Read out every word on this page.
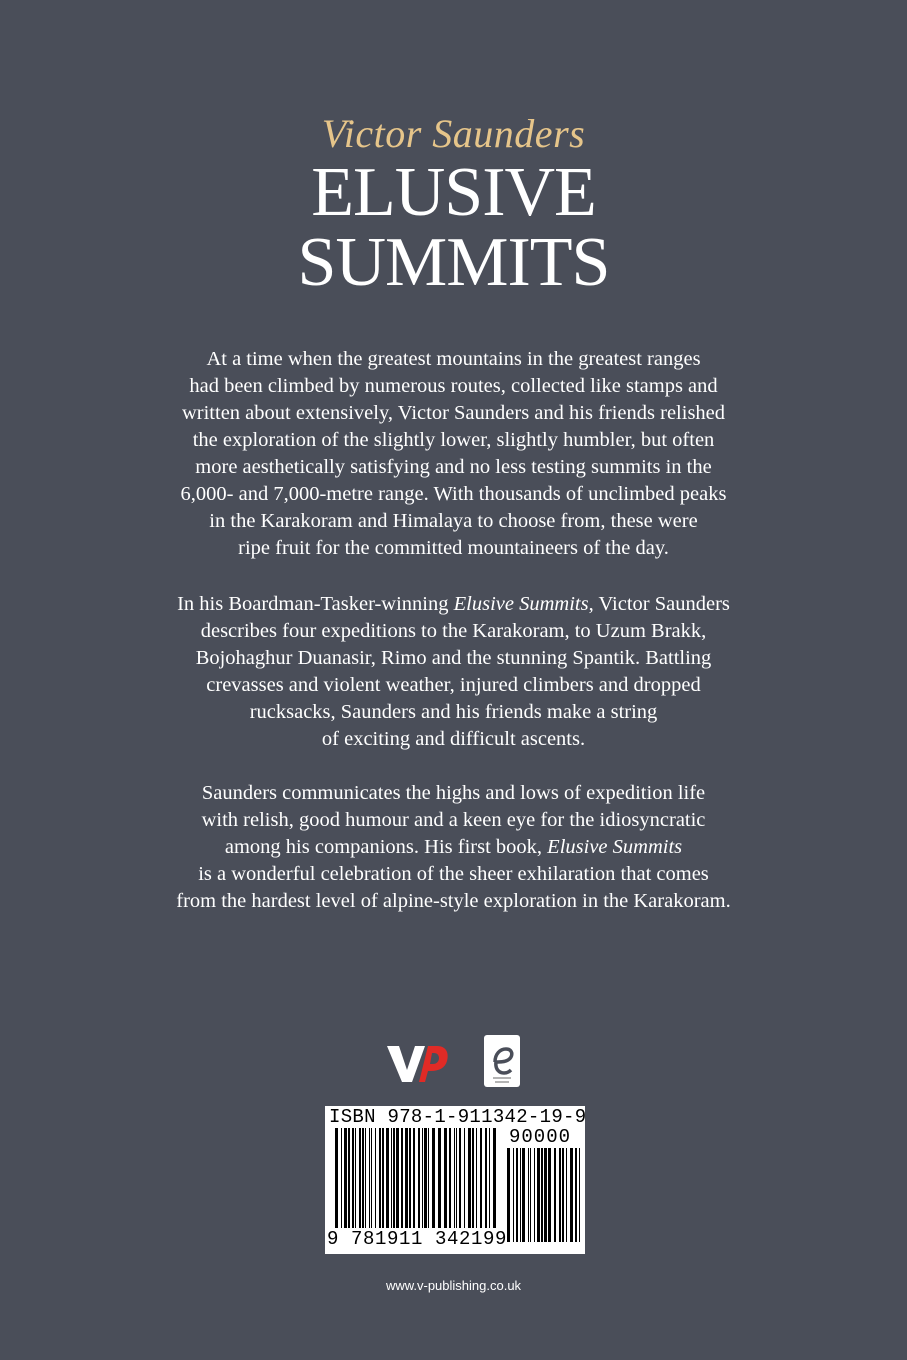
Victor Saunders
ELUSIVE
SUMMITS
At a time when the greatest mountains in the greatest ranges
had been climbed by numerous routes, collected like stamps and
written about extensively, Victor Saunders and his friends relished
the exploration of the slightly lower, slightly humbler, but often
more aesthetically satisfying and no less testing summits in the
6,000- and 7,000-metre range. With thousands of unclimbed peaks
in the Karakoram and Himalaya to choose from, these were
ripe fruit for the committed mountaineers of the day.
In his Boardman-Tasker-winning Elusive Summits, Victor Saunders
describes four expeditions to the Karakoram, to Uzum Brakk,
Bojohaghur Duanasir, Rimo and the stunning Spantik. Battling
crevasses and violent weather, injured climbers and dropped
rucksacks, Saunders and his friends make a string
of exciting and difficult ascents.
Saunders communicates the highs and lows of expedition life
with relish, good humour and a keen eye for the idiosyncratic
among his companions. His first book, Elusive Summits
is a wonderful celebration of the sheer exhilaration that comes
from the hardest level of alpine-style exploration in the Karakoram.
ISBN 978-1-911342-19-9
90000
9 781911 342199
www.v-publishing.co.uk
